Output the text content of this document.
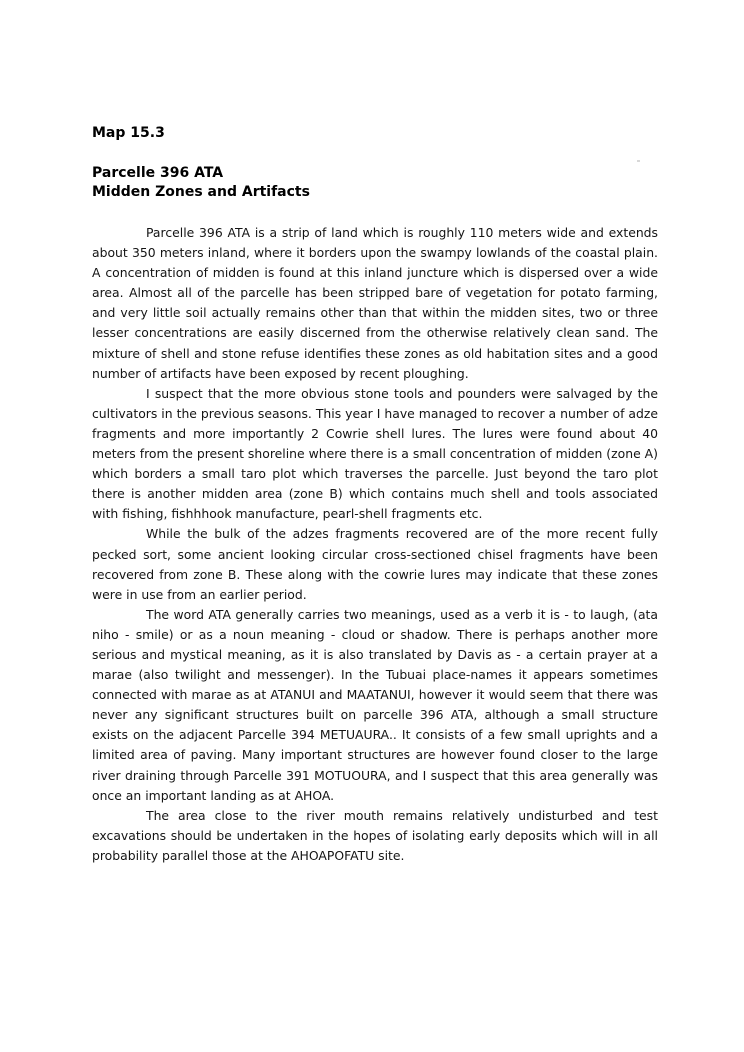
Map 15.3
Parcelle 396 ATA
Midden Zones and Artifacts

Parcelle 396 ATA is a strip of land which is roughly 110 meters wide and extends about 350 meters inland, where it borders upon the swampy lowlands of the coastal plain. A concentration of midden is found at this inland juncture which is dispersed over a wide area. Almost all of the parcelle has been stripped bare of vegetation for potato farming, and very little soil actually remains other than that within the midden sites, two or three lesser concentrations are easily discerned from the otherwise relatively clean sand. The mixture of shell and stone refuse identifies these zones as old habitation sites and a good number of artifacts have been exposed by recent ploughing.

I suspect that the more obvious stone tools and pounders were salvaged by the cultivators in the previous seasons. This year I have managed to recover a number of adze fragments and more importantly 2 Cowrie shell lures. The lures were found about 40 meters from the present shoreline where there is a small concentration of midden (zone A) which borders a small taro plot which traverses the parcelle. Just beyond the taro plot there is another midden area (zone B) which contains much shell and tools associated with fishing, fishhhook manufacture, pearl-shell fragments etc.

While the bulk of the adzes fragments recovered are of the more recent fully pecked sort, some ancient looking circular cross-sectioned chisel fragments have been recovered from zone B. These along with the cowrie lures may indicate that these zones were in use from an earlier period.

The word ATA generally carries two meanings, used as a verb it is - to laugh, (ata niho - smile) or as a noun meaning - cloud or shadow. There is perhaps another more serious and mystical meaning, as it is also translated by Davis as - a certain prayer at a marae (also twilight and messenger). In the Tubuai place-names it appears sometimes connected with marae as at ATANUI and MAATANUI, however it would seem that there was never any significant structures built on parcelle 396 ATA, although a small structure exists on the adjacent Parcelle 394 METUAURA.. It consists of a few small uprights and a limited area of paving. Many important structures are however found closer to the large river draining through Parcelle 391 MOTUOURA, and I suspect that this area generally was once an important landing as at AHOA.

The area close to the river mouth remains relatively undisturbed and test excavations should be undertaken in the hopes of isolating early deposits which will in all probability parallel those at the AHOAPOFATU site.
